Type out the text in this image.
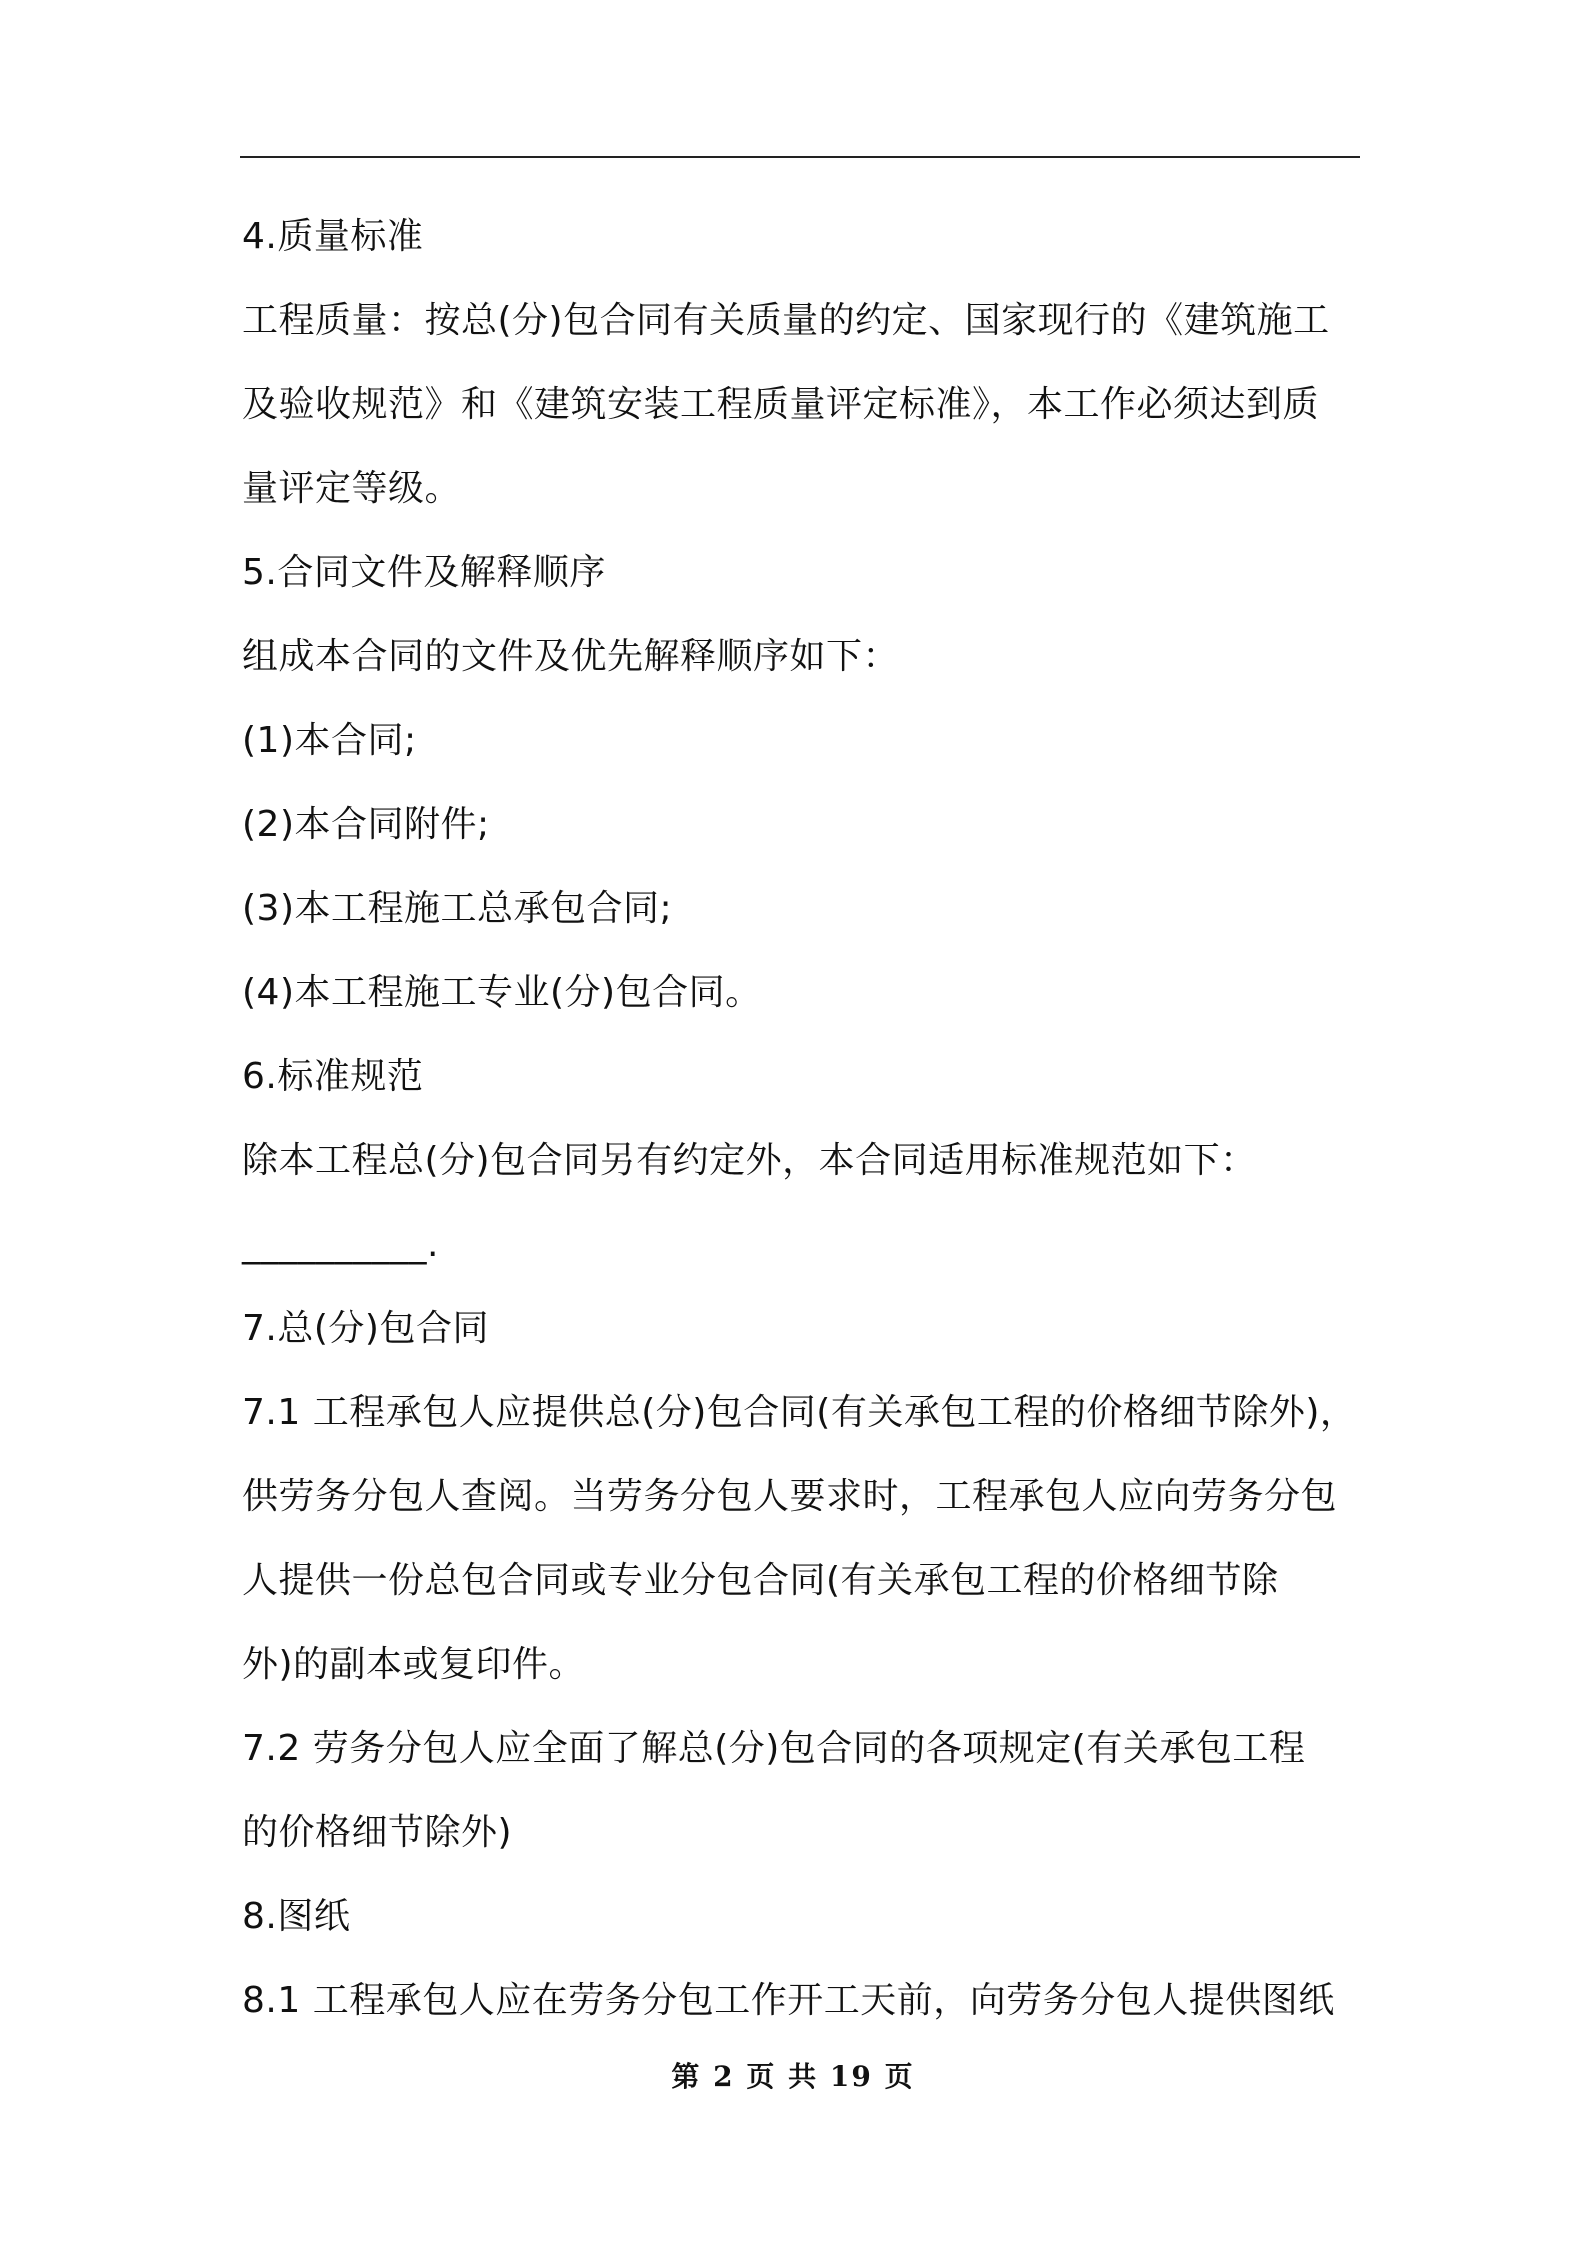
4.质量标准
工程质量：按总(分)包合同有关质量的约定、国家现行的《建筑施工
及验收规范》和《建筑安装工程质量评定标准》，本工作必须达到质
量评定等级。
5.合同文件及解释顺序
组成本合同的文件及优先解释顺序如下：
(1)本合同;
(2)本合同附件;
(3)本工程施工总承包合同;
(4)本工程施工专业(分)包合同。
6.标准规范
除本工程总(分)包合同另有约定外，本合同适用标准规范如下：
__________.
7.总(分)包合同
7.1 工程承包人应提供总(分)包合同(有关承包工程的价格细节除外)，
供劳务分包人查阅。当劳务分包人要求时，工程承包人应向劳务分包
人提供一份总包合同或专业分包合同(有关承包工程的价格细节除
外)的副本或复印件。
7.2 劳务分包人应全面了解总(分)包合同的各项规定(有关承包工程
的价格细节除外)
8.图纸
8.1 工程承包人应在劳务分包工作开工天前，向劳务分包人提供图纸
第 2 页 共 19 页
